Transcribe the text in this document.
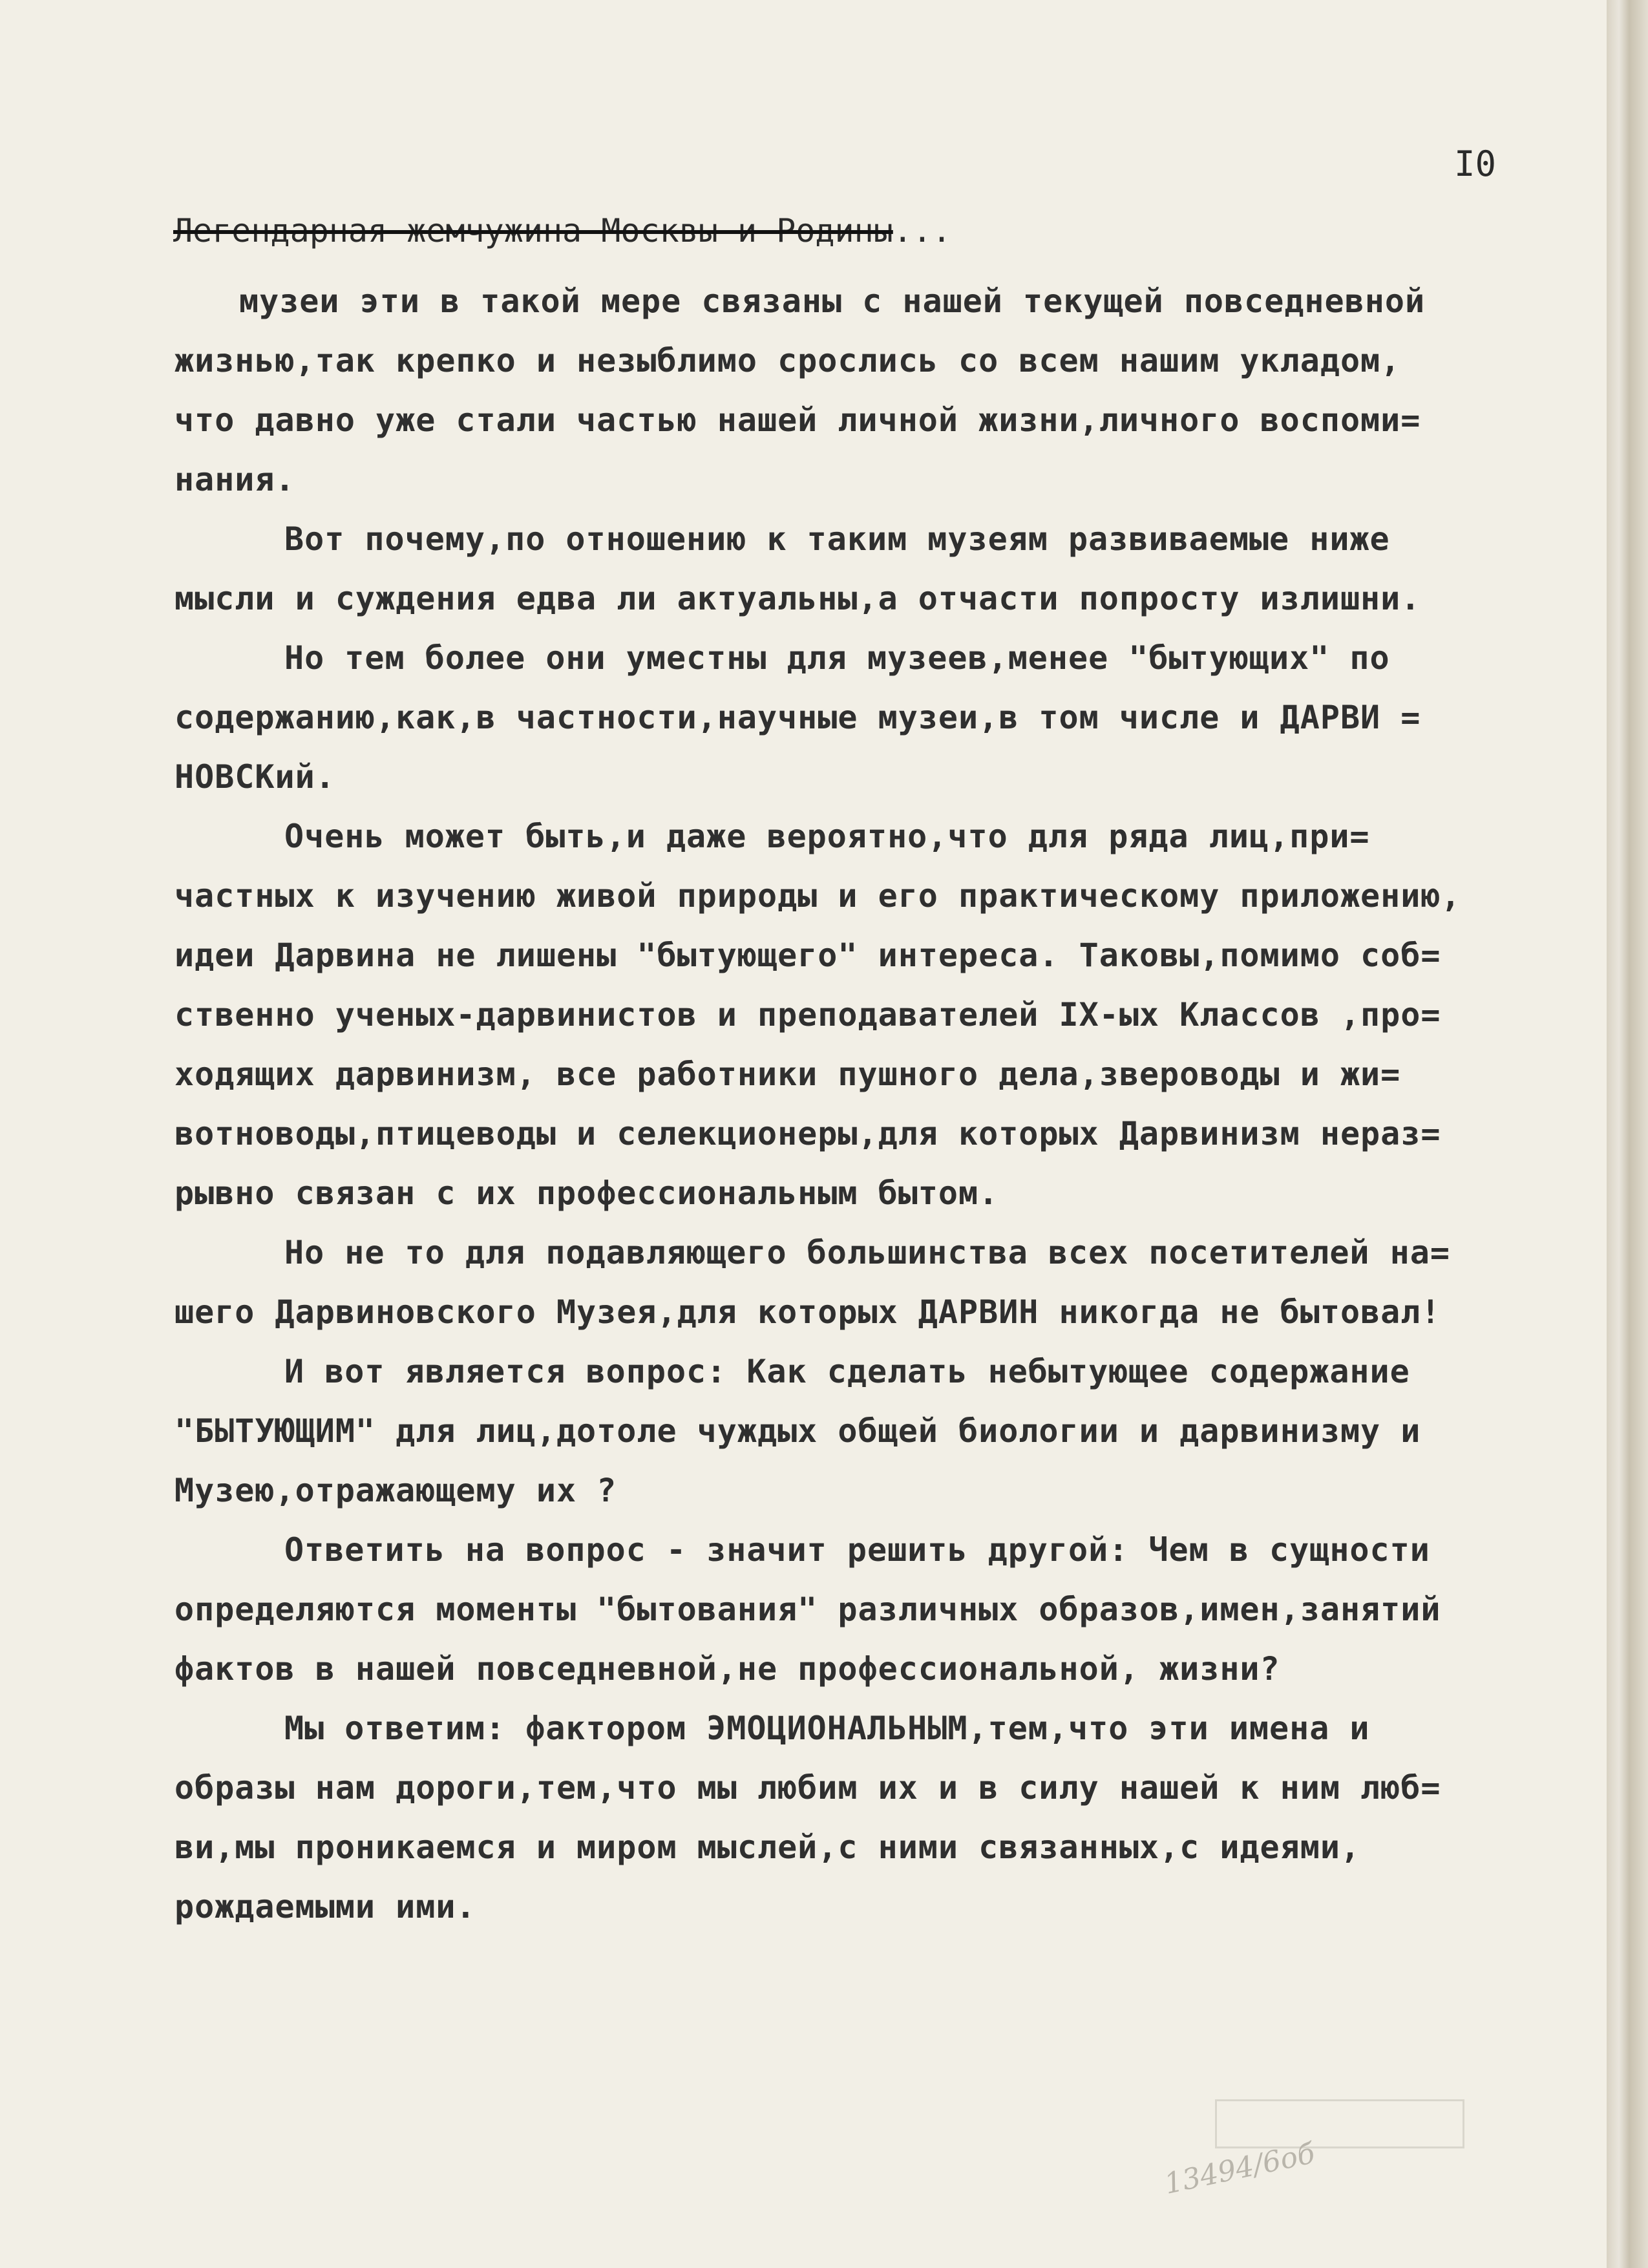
I0
Легендарная жемчужина Москвы и Родины...
музеи эти в такой мере связаны с нашей текущей повседневной
жизнью,так крепко и незыблимо срослись со всем нашим укладом,
что давно уже стали частью нашей личной жизни,личного воспоми=
нания.
Вот почему,по отношению к таким музеям развиваемые ниже
мысли и суждения едва ли актуальны,а отчасти попросту излишни.
Но тем более они уместны для музеев,менее "бытующих" по
содержанию,как,в частности,научные музеи,в том числе и ДАРВИ =
НОВСКий.
Очень может быть,и даже вероятно,что для ряда лиц,при=
частных к изучению живой природы и его практическому приложению,
идеи Дарвина не лишены "бытующего" интереса. Таковы,помимо соб=
ственно ученых-дарвинистов и преподавателей IX-ых Классов ,про=
ходящих дарвинизм, все работники пушного дела,звероводы и жи=
вотноводы,птицеводы и селекционеры,для которых Дарвинизм нераз=
рывно связан с их профессиональным бытом.
Но не то для подавляющего большинства всех посетителей на=
шего Дарвиновского Музея,для которых ДАРВИН никогда не бытовал!
И вот является вопрос: Как сделать небытующее содержание
"БЫТУЮЩИМ" для лиц,дотоле чуждых общей биологии и дарвинизму и
Музею,отражающему их ?
Ответить на вопрос - значит решить другой: Чем в сущности
определяются моменты "бытования" различных образов,имен,занятий
фактов в нашей повседневной,не профессиональной, жизни?
Мы ответим: фактором ЭМОЦИОНАЛЬНЫМ,тем,что эти имена и
образы нам дороги,тем,что мы любим их и в силу нашей к ним люб=
ви,мы проникаемся и миром мыслей,с ними связанных,с идеями,
рождаемыми ими.
13494/6об
